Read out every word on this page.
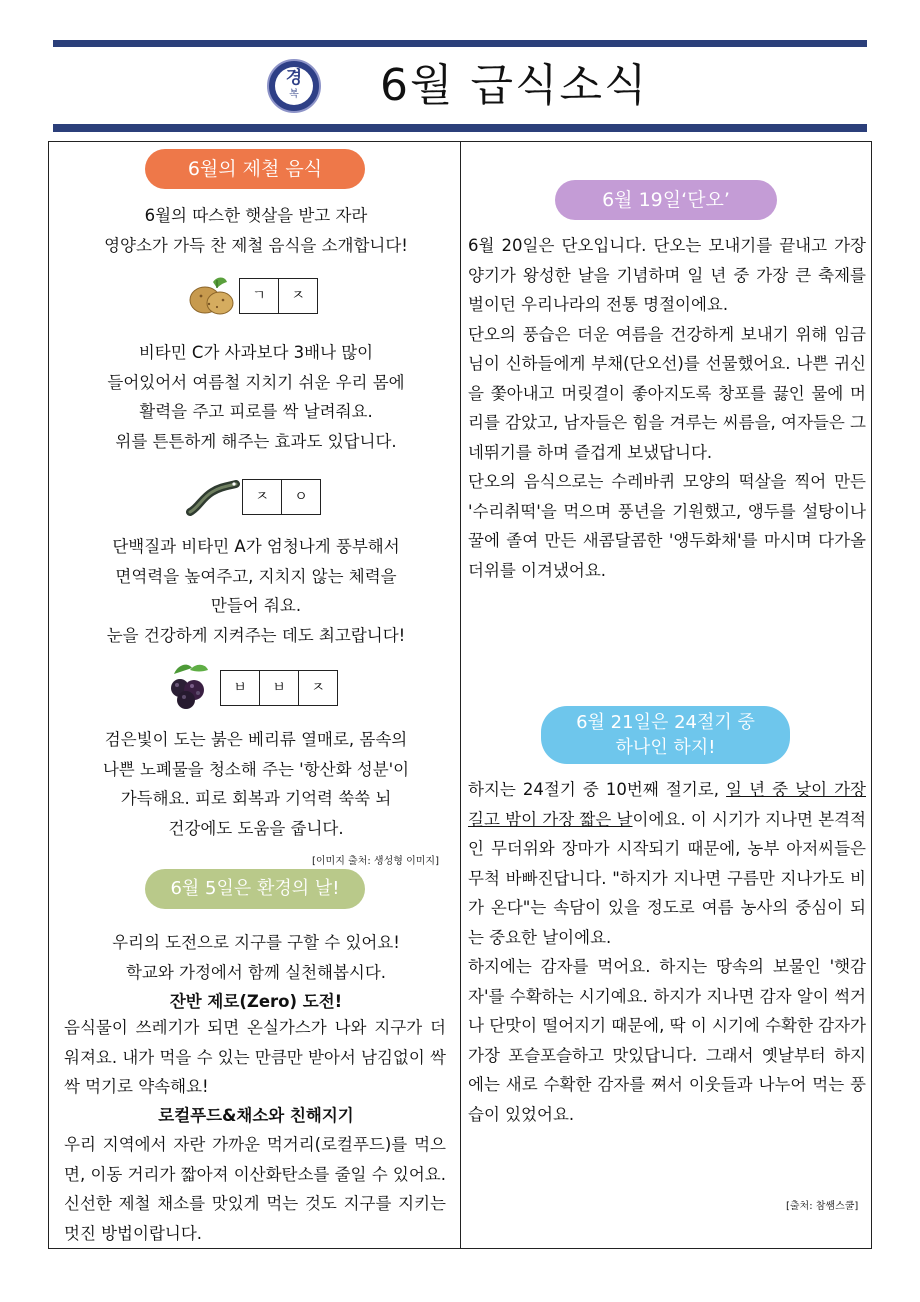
경
복	6월 급식소식
6월의 제철 음식

6월의 따스한 햇살을 받고 자라

영양소가 가득 찬 제철 음식을 소개합니다!

ㄱ	ㅈ

비타민 C가 사과보다 3배나 많이

들어있어서 여름철 지치기 쉬운 우리 몸에

활력을 주고 피로를 싹 날려줘요.

위를 튼튼하게 해주는 효과도 있답니다.

ㅈ	ㅇ

단백질과 비타민 A가 엄청나게 풍부해서

면역력을 높여주고, 지치지 않는 체력을

만들어 줘요.

눈을 건강하게 지켜주는 데도 최고랍니다!

ㅂ	ㅂ	ㅈ

검은빛이 도는 붉은 베리류 열매로, 몸속의

나쁜 노폐물을 청소해 주는 '항산화 성분'이

가득해요. 피로 회복과 기억력 쑥쑥 뇌

건강에도 도움을 줍니다.

[이미지 출처: 생성형 이미지]
6월 5일은 환경의 날!

우리의 도전으로 지구를 구할 수 있어요!

학교와 가정에서 함께 실천해봅시다.

잔반 제로(Zero) 도전!

음식물이 쓰레기가 되면 온실가스가 나와 지구가 더워져요. 내가 먹을 수 있는 만큼만 받아서 남김없이 싹싹 먹기로 약속해요!
로컬푸드&채소와 친해지기
우리 지역에서 자란 가까운 먹거리(로컬푸드)를 먹으면, 이동 거리가 짧아져 이산화탄소를 줄일 수 있어요. 신선한 제철 채소를 맛있게 먹는 것도 지구를 지키는 멋진 방법이랍니다.
6월 19일‘단오’

6월 20일은 단오입니다. 단오는 모내기를 끝내고 가장 양기가 왕성한 날을 기념하며 일 년 중 가장 큰 축제를 벌이던 우리나라의 전통 명절이에요.

단오의 풍습은 더운 여름을 건강하게 보내기 위해 임금님이 신하들에게 부채(단오선)를 선물했어요. 나쁜 귀신을 쫓아내고 머릿결이 좋아지도록 창포를 끓인 물에 머리를 감았고, 남자들은 힘을 겨루는 씨름을, 여자들은 그네뛰기를 하며 즐겁게 보냈답니다.

단오의 음식으로는 수레바퀴 모양의 떡살을 찍어 만든 '수리취떡'을 먹으며 풍년을 기원했고, 앵두를 설탕이나 꿀에 졸여 만든 새콤달콤한 '앵두화채'를 마시며 다가올 더위를 이겨냈어요.

6월 21일은 24절기 중
하나인 하지!

하지는 24절기 중 10번째 절기로, 일 년 중 낮이 가장 길고 밤이 가장 짧은 날이에요. 이 시기가 지나면 본격적인 무더위와 장마가 시작되기 때문에, 농부 아저씨들은 무척 바빠진답니다. "하지가 지나면 구름만 지나가도 비가 온다"는 속담이 있을 정도로 여름 농사의 중심이 되는 중요한 날이에요.

하지에는 감자를 먹어요. 하지는 땅속의 보물인 '햇감자'를 수확하는 시기예요. 하지가 지나면 감자 알이 썩거나 단맛이 떨어지기 때문에, 딱 이 시기에 수확한 감자가 가장 포슬포슬하고 맛있답니다. 그래서 옛날부터 하지에는 새로 수확한 감자를 쪄서 이웃들과 나누어 먹는 풍습이 있었어요.

[출처: 참쌤스쿨]
